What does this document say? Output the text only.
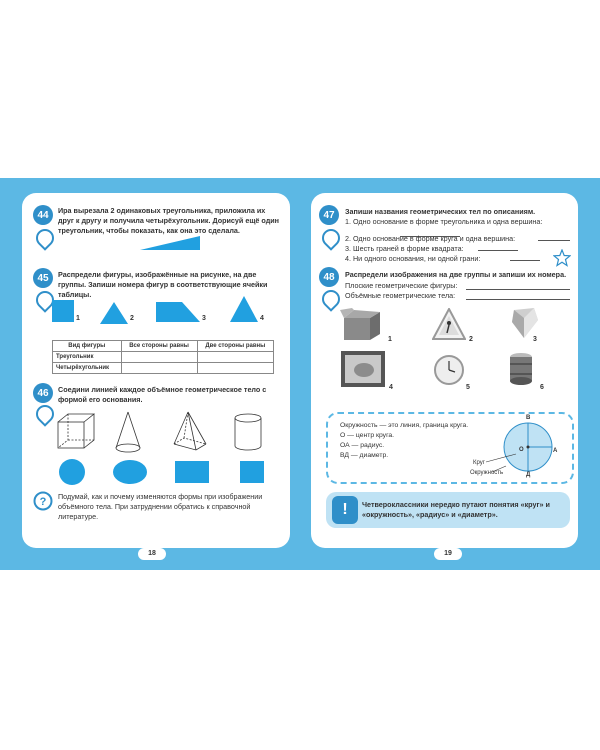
44	Ира вырезала 2 одинаковых треугольника, приложила их друг к другу и получила четырёхугольник. Дорисуй ещё один треугольник, чтобы показать, как она это сделала.
45	Распредели фигуры, изображённые на рисунке, на две группы. Запиши номера фигур в соответствующие ячейки таблицы.
1	2	3	4
Вид фигуры	Все стороны равны	Две стороны равны
Треугольник		
Четырёхугольник		
46	Соедини линией каждое объёмное геометрическое тело с формой его основания.
? Подумай, как и почему изменяются формы при изображении объёмного тела. При затруднении обратись к справочной литературе.
18
47	Запиши названия геометрических тел по описаниям.
1. Одно основание в форме треугольника и одна вершина:
2. Одно основание в форме круга и одна вершина:
3. Шесть граней в форме квадрата:
4. Ни одного основания, ни одной грани:
48	Распредели изображения на две группы и запиши их номера.
Плоские геометрические фигуры:
Объёмные геометрические тела:
1	2	3
4	5	6
Окружность — это линия, граница круга.
О — центр круга.
ОА — радиус.
ВД — диаметр.
В
О	А
Д
Круг
Окружность
!	Четвероклассники нередко путают понятия «круг» и «окружность», «радиус» и «диаметр».
19
